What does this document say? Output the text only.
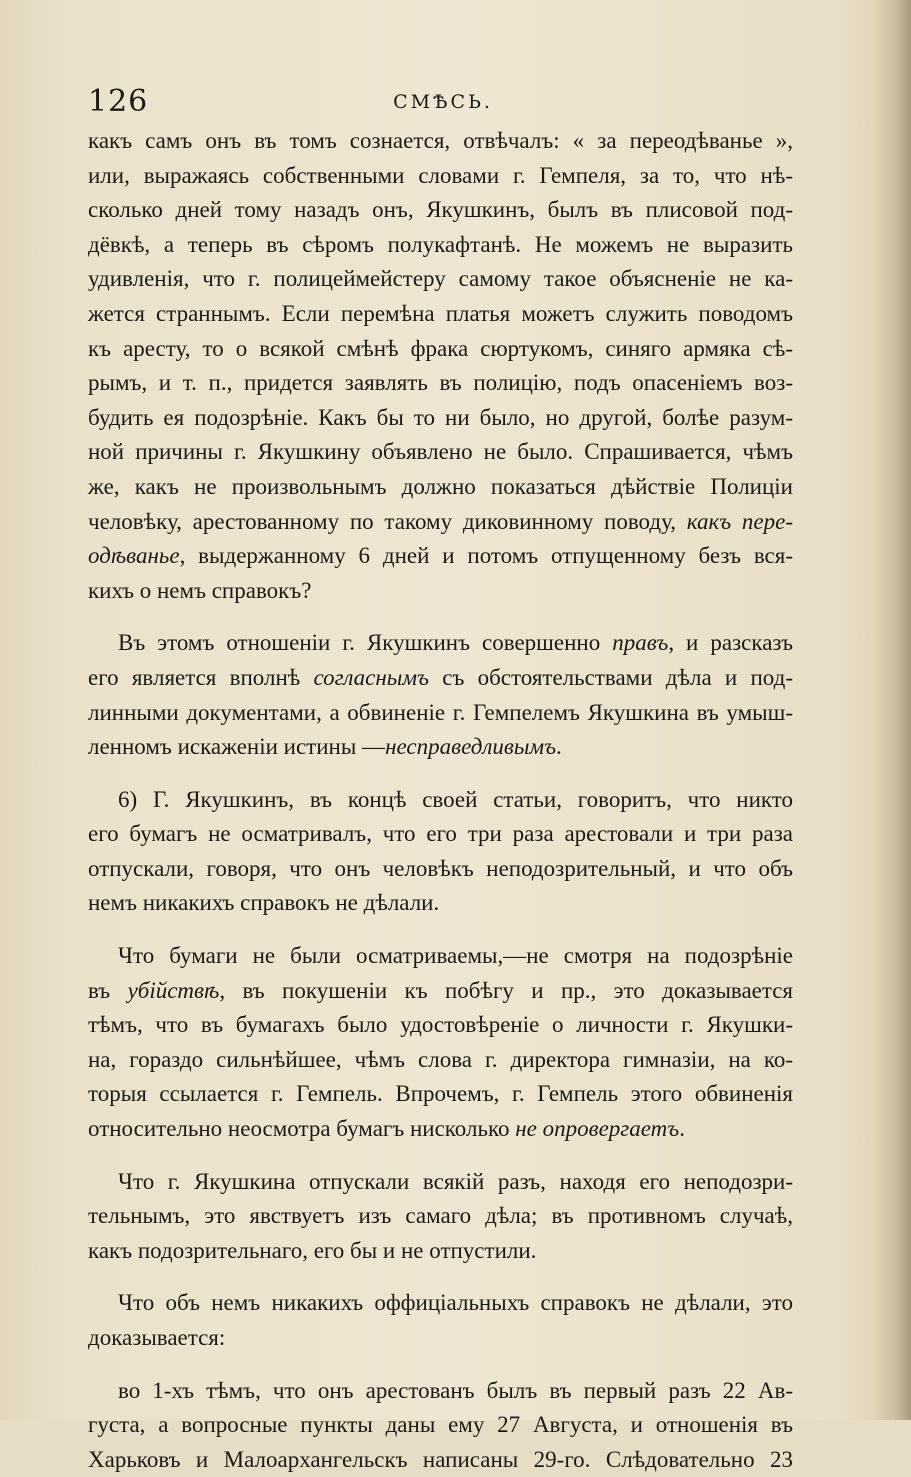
126	СМѢСЬ.
какъ самъ онъ въ томъ сознается, отвѣчалъ: « за переодѣванье »,
или, выражаясь собственными словами г. Гемпеля, за то, что нѣ-
сколько дней тому назадъ онъ, Якушкинъ, былъ въ плисовой под-
дёвкѣ, а теперь въ сѣромъ полукафтанѣ. Не можемъ не выразить
удивленія, что г. полицеймейстеру самому такое объясненіе не ка-
жется страннымъ. Если перемѣна платья можетъ служить поводомъ
къ аресту, то о всякой смѣнѣ фрака сюртукомъ, синяго армяка сѣ-
рымъ, и т. п., придется заявлять въ полицію, подъ опасеніемъ воз-
будить ея подозрѣніе. Какъ бы то ни было, но другой, болѣе разум-
ной причины г. Якушкину объявлено не было. Спрашивается, чѣмъ
же, какъ не произвольнымъ должно показаться дѣйствіе Полиціи
человѣку, арестованному по такому диковинному поводу, какъ пере-
одѣванье, выдержанному 6 дней и потомъ отпущенному безъ вся-
кихъ о немъ справокъ?
Въ этомъ отношеніи г. Якушкинъ совершенно правъ, и разсказъ
его является вполнѣ согласнымъ съ обстоятельствами дѣла и под-
линными документами, а обвиненіе г. Гемпелемъ Якушкина въ умыш-
ленномъ искаженіи истины —несправедливымъ.
6) Г. Якушкинъ, въ концѣ своей статьи, говоритъ, что никто
его бумагъ не осматривалъ, что его три раза арестовали и три раза
отпускали, говоря, что онъ человѣкъ неподозрительный, и что объ
немъ никакихъ справокъ не дѣлали.
Что бумаги не были осматриваемы,—не смотря на подозрѣніе
въ убійствѣ, въ покушеніи къ побѣгу и пр., это доказывается
тѣмъ, что въ бумагахъ было удостовѣреніе о личности г. Якушки-
на, гораздо сильнѣйшее, чѣмъ слова г. директора гимназіи, на ко-
торыя ссылается г. Гемпель. Впрочемъ, г. Гемпель этого обвиненія
относительно неосмотра бумагъ нисколько не опровергаетъ.
Что г. Якушкина отпускали всякій разъ, находя его неподозри-
тельнымъ, это явствуетъ изъ самаго дѣла; въ противномъ случаѣ,
какъ подозрительнаго, его бы и не отпустили.
Что объ немъ никакихъ оффиціальныхъ справокъ не дѣлали, это
доказывается:
во 1-хъ тѣмъ, что онъ арестованъ былъ въ первый разъ 22 Ав-
густа, а вопросные пункты даны ему 27 Августа, и отношенія въ
Харьковъ и Малоархангельскъ написаны 29-го. Слѣдовательно 23
